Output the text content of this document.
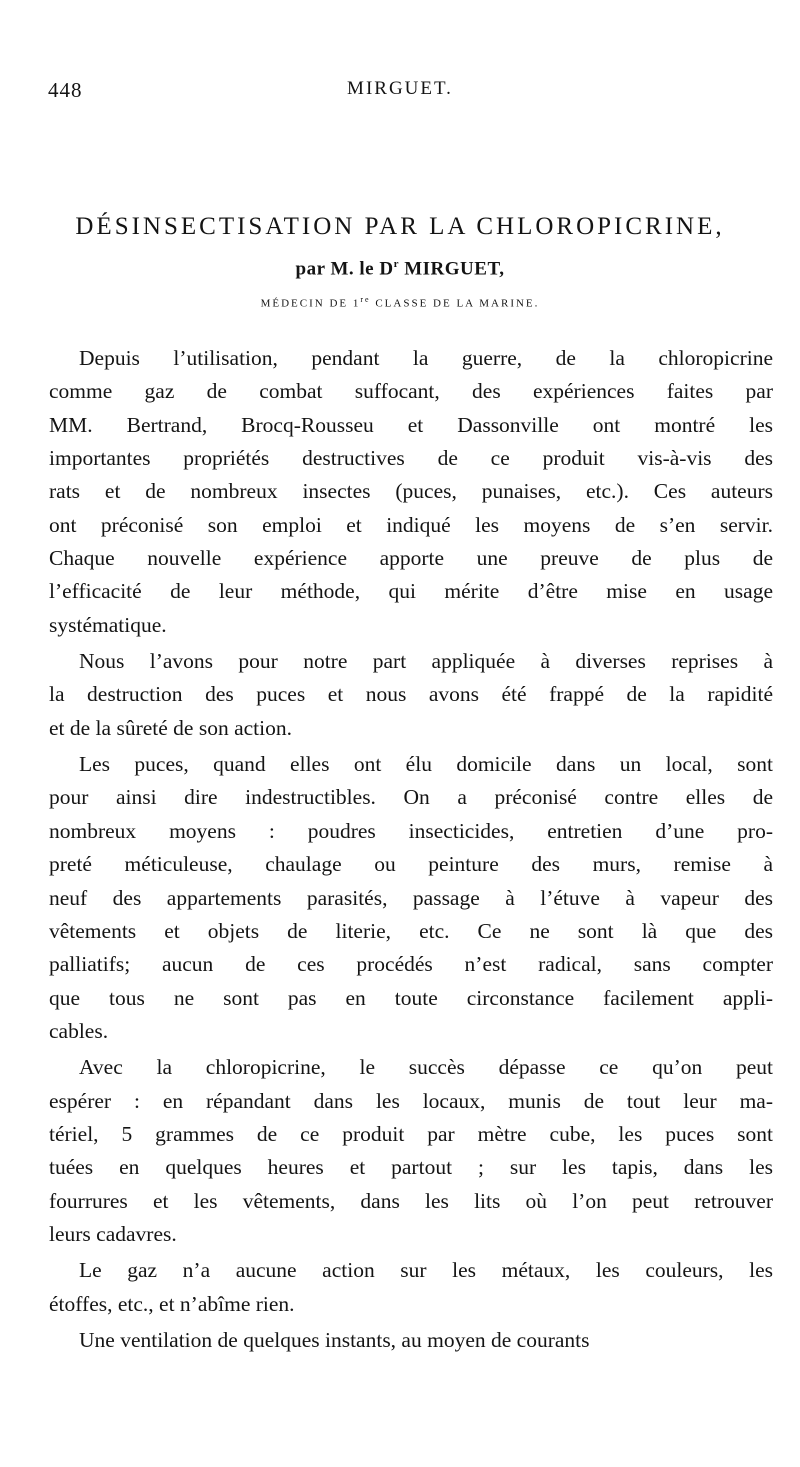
448	MIRGUET.
DÉSINSECTISATION PAR LA CHLOROPICRINE,
par M. le $D^r$ MIRGUET,
MÉDECIN DE 1re CLASSE DE LA MARINE.
Depuis l’utilisation, pendant la guerre, de la chloropicrine
comme gaz de combat suffocant, des expériences faites par
MM. Bertrand, Brocq-Rousseu et Dassonville ont montré les
importantes propriétés destructives de ce produit vis-à-vis des
rats et de nombreux insectes (puces, punaises, etc.). Ces auteurs
ont préconisé son emploi et indiqué les moyens de s’en servir.
Chaque nouvelle expérience apporte une preuve de plus de
l’efficacité de leur méthode, qui mérite d’être mise en usage
systématique.
Nous l’avons pour notre part appliquée à diverses reprises à
la destruction des puces et nous avons été frappé de la rapidité
et de la sûreté de son action.
Les puces, quand elles ont élu domicile dans un local, sont
pour ainsi dire indestructibles. On a préconisé contre elles de
nombreux moyens : poudres insecticides, entretien d’une pro-
preté méticuleuse, chaulage ou peinture des murs, remise à
neuf des appartements parasités, passage à l’étuve à vapeur des
vêtements et objets de literie, etc. Ce ne sont là que des
palliatifs; aucun de ces procédés n’est radical, sans compter
que tous ne sont pas en toute circonstance facilement appli-
cables.
Avec la chloropicrine, le succès dépasse ce qu’on peut
espérer : en répandant dans les locaux, munis de tout leur ma-
tériel, 5 grammes de ce produit par mètre cube, les puces sont
tuées en quelques heures et partout ; sur les tapis, dans les
fourrures et les vêtements, dans les lits où l’on peut retrouver
leurs cadavres.
Le gaz n’a aucune action sur les métaux, les couleurs, les
étoffes, etc., et n’abîme rien.
Une ventilation de quelques instants, au moyen de courants
